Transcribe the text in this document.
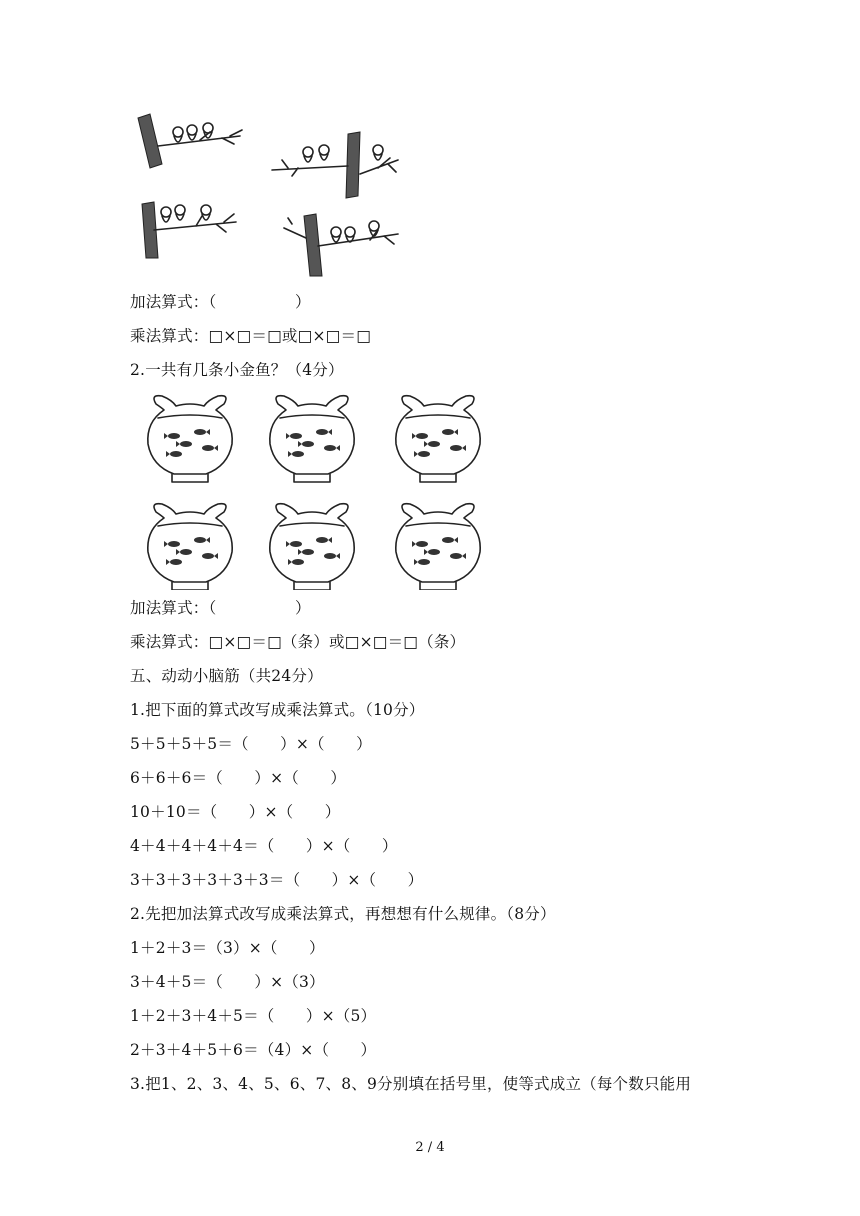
加法算式：（　　　　　）
乘法算式：□×□＝□或□×□＝□
2.一共有几条小金鱼？（4分）
加法算式：（　　　　　）
乘法算式：□×□＝□（条）或□×□＝□（条）
五、动动小脑筋（共24分）
1.把下面的算式改写成乘法算式。（10分）
5＋5＋5＋5＝（　　）×（　　）
6＋6＋6＝（　　）×（　　）
10＋10＝（　　）×（　　）
4＋4＋4＋4＋4＝（　　）×（　　）
3＋3＋3＋3＋3＋3＝（　　）×（　　）
2.先把加法算式改写成乘法算式，再想想有什么规律。（8分）
1＋2＋3＝（3）×（　　）
3＋4＋5＝（　　）×（3）
1＋2＋3＋4＋5＝（　　）×（5）
2＋3＋4＋5＋6＝（4）×（　　）
3.把1、2、3、4、5、6、7、8、9分别填在括号里，使等式成立（每个数只能用
2 / 4
